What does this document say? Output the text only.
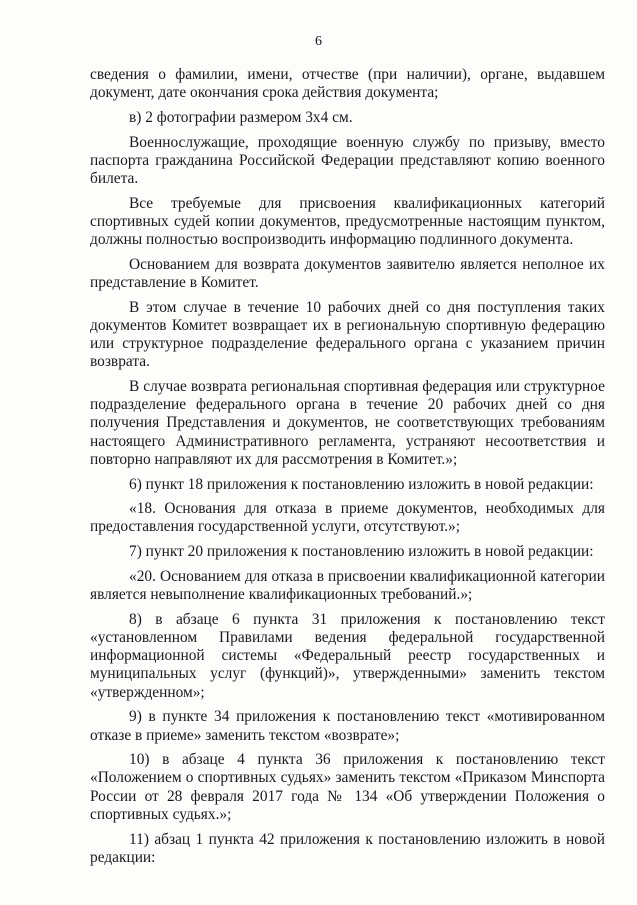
6

сведения о фамилии, имени, отчестве (при наличии), органе, выдавшем документ, дате окончания срока действия документа;

в) 2 фотографии размером 3х4 см.

Военнослужащие, проходящие военную службу по призыву, вместо паспорта гражданина Российской Федерации представляют копию военного билета.

Все требуемые для присвоения квалификационных категорий спортивных судей копии документов, предусмотренные настоящим пунктом, должны полностью воспроизводить информацию подлинного документа.

Основанием для возврата документов заявителю является неполное их представление в Комитет.

В этом случае в течение 10 рабочих дней со дня поступления таких документов Комитет возвращает их в региональную спортивную федерацию или структурное подразделение федерального органа с указанием причин возврата.

В случае возврата региональная спортивная федерация или структурное подразделение федерального органа в течение 20 рабочих дней со дня получения Представления и документов, не соответствующих требованиям настоящего Административного регламента, устраняют несоответствия и повторно направляют их для рассмотрения в Комитет.»;

6) пункт 18 приложения к постановлению изложить в новой редакции:

«18. Основания для отказа в приеме документов, необходимых для предоставления государственной услуги, отсутствуют.»;

7) пункт 20 приложения к постановлению изложить в новой редакции:

«20. Основанием для отказа в присвоении квалификационной категории является невыполнение квалификационных требований.»;

8) в абзаце 6 пункта 31 приложения к постановлению текст «установленном Правилами ведения федеральной государственной информационной системы «Федеральный реестр государственных и муниципальных услуг (функций)», утвержденными» заменить текстом «утвержденном»;

9) в пункте 34 приложения к постановлению текст «мотивированном отказе в приеме» заменить текстом «возврате»;

10) в абзаце 4 пункта 36 приложения к постановлению текст «Положением о спортивных судьях» заменить текстом «Приказом Минспорта России от 28 февраля 2017 года № 134 «Об утверждении Положения о спортивных судьях.»;

11) абзац 1 пункта 42 приложения к постановлению изложить в новой редакции:
